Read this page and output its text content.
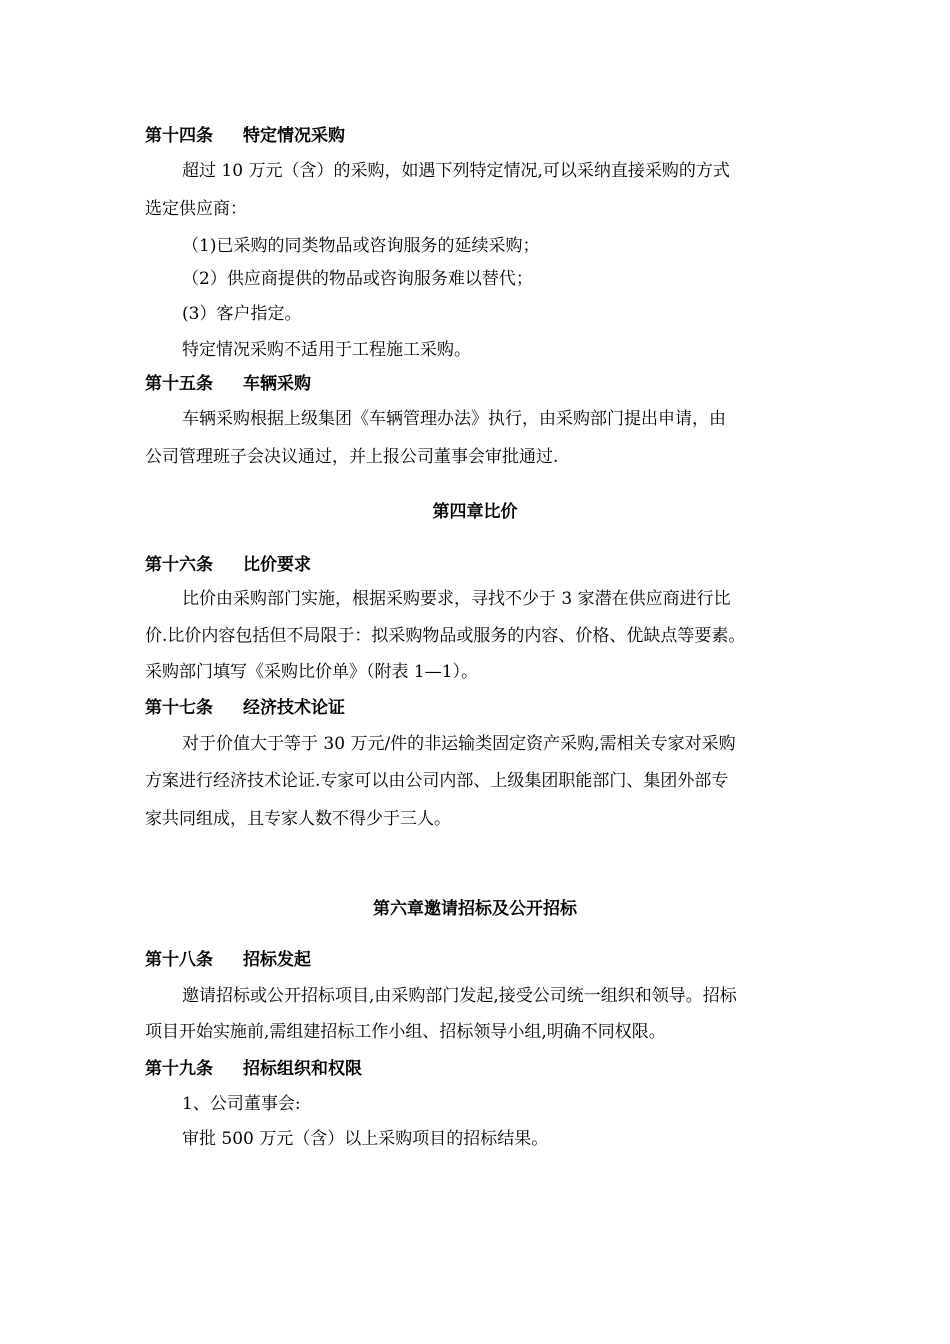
第十四条 特定情况采购
超过 10 万元（含）的采购，如遇下列特定情况,可以采纳直接采购的方式
选定供应商：
（1)已采购的同类物品或咨询服务的延续采购；
（2）供应商提供的物品或咨询服务难以替代；
(3）客户指定。
特定情况采购不适用于工程施工采购。
第十五条 车辆采购
车辆采购根据上级集团《车辆管理办法》执行，由采购部门提出申请，由
公司管理班子会决议通过，并上报公司董事会审批通过.
第四章比价
第十六条 比价要求
比价由采购部门实施，根据采购要求，寻找不少于 3 家潜在供应商进行比
价.比价内容包括但不局限于：拟采购物品或服务的内容、价格、优缺点等要素。
采购部门填写《采购比价单》（附表 1—1）。
第十七条 经济技术论证
对于价值大于等于 30 万元/件的非运输类固定资产采购,需相关专家对采购
方案进行经济技术论证.专家可以由公司内部、上级集团职能部门、集团外部专
家共同组成，且专家人数不得少于三人。
第六章邀请招标及公开招标
第十八条 招标发起
邀请招标或公开招标项目,由采购部门发起,接受公司统一组织和领导。招标
项目开始实施前,需组建招标工作小组、招标领导小组,明确不同权限。
第十九条 招标组织和权限
1、公司董事会:
审批 500 万元（含）以上采购项目的招标结果。
